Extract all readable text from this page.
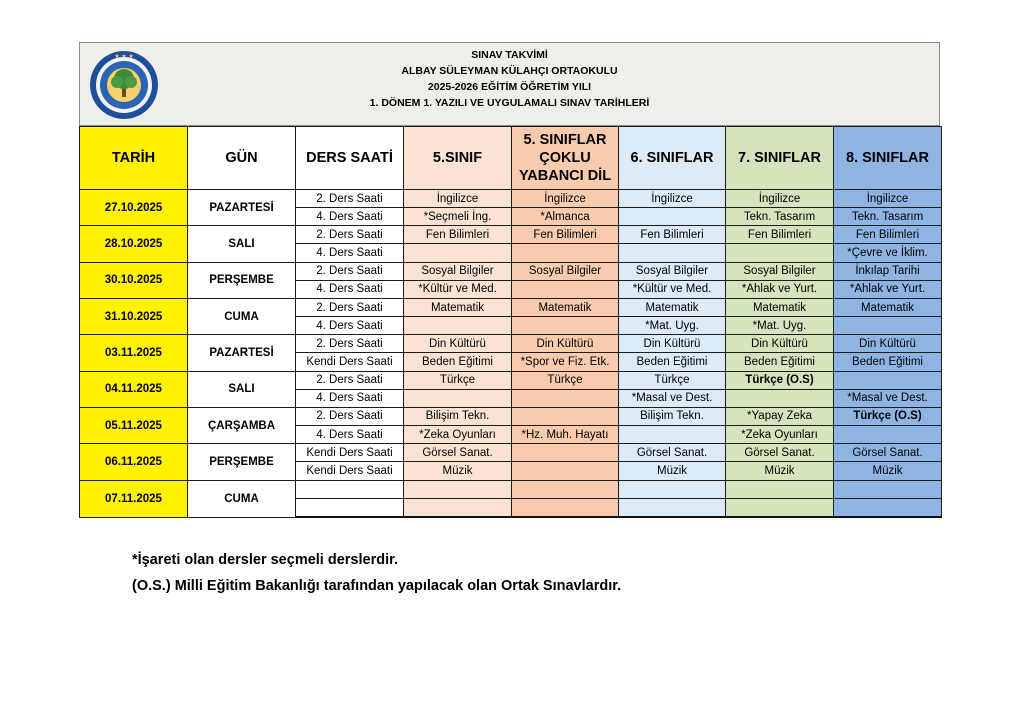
★ ★ ★	SINAV TAKVİMİ
ALBAY SÜLEYMAN KÜLAHÇI ORTAOKULU
2025-2026 EĞİTİM ÖĞRETİM YILI
1. DÖNEM 1. YAZILI VE UYGULAMALI SINAV TARİHLERİ
TARİH	GÜN	DERS SAATİ	5.SINIF	5. SINIFLAR
ÇOKLU
YABANCI DİL	6. SINIFLAR	7. SINIFLAR	8. SINIFLAR
27.10.2025	PAZARTESİ	2. Ders Saati	İngilizce	İngilizce	İngilizce	İngilizce	İngilizce
		4. Ders Saati	*Seçmeli İng.	*Almanca		Tekn. Tasarım	Tekn. Tasarım
28.10.2025	SALI	2. Ders Saati	Fen Bilimleri	Fen Bilimleri	Fen Bilimleri	Fen Bilimleri	Fen Bilimleri
		4. Ders Saati					*Çevre ve İklim.
30.10.2025	PERŞEMBE	2. Ders Saati	Sosyal Bilgiler	Sosyal Bilgiler	Sosyal Bilgiler	Sosyal Bilgiler	İnkılap Tarihi
		4. Ders Saati	*Kültür ve Med.		*Kültür ve Med.	*Ahlak ve Yurt.	*Ahlak ve Yurt.
31.10.2025	CUMA	2. Ders Saati	Matematik	Matematik	Matematik	Matematik	Matematik
		4. Ders Saati			*Mat. Uyg.	*Mat. Uyg.	
03.11.2025	PAZARTESİ	2. Ders Saati	Din Kültürü	Din Kültürü	Din Kültürü	Din Kültürü	Din Kültürü
		Kendi Ders Saati	Beden Eğitimi	*Spor ve Fiz. Etk.	Beden Eğitimi	Beden Eğitimi	Beden Eğitimi
04.11.2025	SALI	2. Ders Saati	Türkçe	Türkçe	Türkçe	Türkçe (O.S)	
		4. Ders Saati			*Masal ve Dest.		*Masal ve Dest.
05.11.2025	ÇARŞAMBA	2. Ders Saati	Bilişim Tekn.		Bilişim Tekn.	*Yapay Zeka	Türkçe (O.S)
		4. Ders Saati	*Zeka Oyunları	*Hz. Muh. Hayatı		*Zeka Oyunları	
06.11.2025	PERŞEMBE	Kendi Ders Saati	Görsel Sanat.		Görsel Sanat.	Görsel Sanat.	Görsel Sanat.
		Kendi Ders Saati	Müzik		Müzik	Müzik	Müzik
07.11.2025	CUMA						

*İşareti olan dersler seçmeli derslerdir.
(O.S.) Milli Eğitim Bakanlığı tarafından yapılacak olan Ortak Sınavlardır.
